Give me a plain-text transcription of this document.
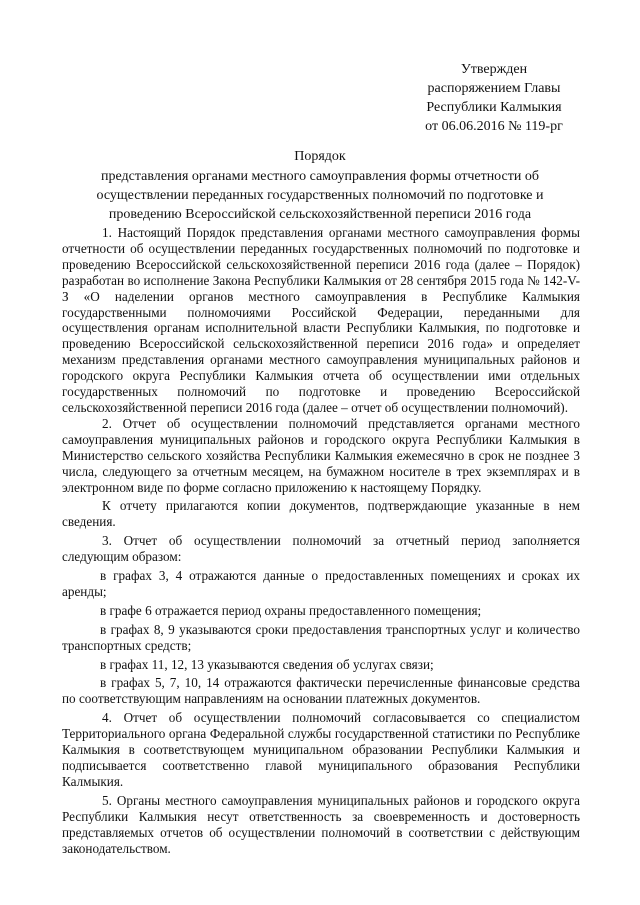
Утвержден
распоряжением Главы
Республики Калмыкия
от 06.06.2016 № 119-рг
Порядок
представления органами местного самоуправления формы отчетности об
осуществлении переданных государственных полномочий по подготовке и
проведению Всероссийской сельскохозяйственной переписи 2016 года

1. Настоящий Порядок представления органами местного самоуправления формы отчетности об осуществлении переданных государственных полномочий по подготовке и проведению Всероссийской сельскохозяйственной переписи 2016 года (далее – Порядок) разработан во исполнение Закона Республики Калмыкия от 28 сентября 2015 года № 142-V-З «О наделении органов местного самоуправления в Республике Калмыкия государственными полномочиями Российской Федерации, переданными для осуществления органам исполнительной власти Республики Калмыкия, по подготовке и проведению Всероссийской сельскохозяйственной переписи 2016 года» и определяет механизм представления органами местного самоуправления муниципальных районов и городского округа Республики Калмыкия отчета об осуществлении ими отдельных государственных полномочий по подготовке и проведению Всероссийской сельскохозяйственной переписи 2016 года (далее – отчет об осуществлении полномочий).

2. Отчет об осуществлении полномочий представляется органами местного самоуправления муниципальных районов и городского округа Республики Калмыкия в Министерство сельского хозяйства Республики Калмыкия ежемесячно в срок не позднее 3 числа, следующего за отчетным месяцем, на бумажном носителе в трех экземплярах и в электронном виде по форме согласно приложению к настоящему Порядку.

К отчету прилагаются копии документов, подтверждающие указанные в нем сведения.

3. Отчет об осуществлении полномочий за отчетный период заполняется следующим образом:

в графах 3, 4 отражаются данные о предоставленных помещениях и сроках их аренды;

в графе 6 отражается период охраны предоставленного помещения;

в графах 8, 9 указываются сроки предоставления транспортных услуг и количество транспортных средств;

в графах 11, 12, 13 указываются сведения об услугах связи;

в графах 5, 7, 10, 14 отражаются фактически перечисленные финансовые средства по соответствующим направлениям на основании платежных документов.

4. Отчет об осуществлении полномочий согласовывается со специалистом Территориального органа Федеральной службы государственной статистики по Республике Калмыкия в соответствующем муниципальном образовании Республики Калмыкия и подписывается соответственно главой муниципального образования Республики Калмыкия.

5. Органы местного самоуправления муниципальных районов и городского округа Республики Калмыкия несут ответственность за своевременность и достоверность представляемых отчетов об осуществлении полномочий в соответствии с действующим законодательством.
